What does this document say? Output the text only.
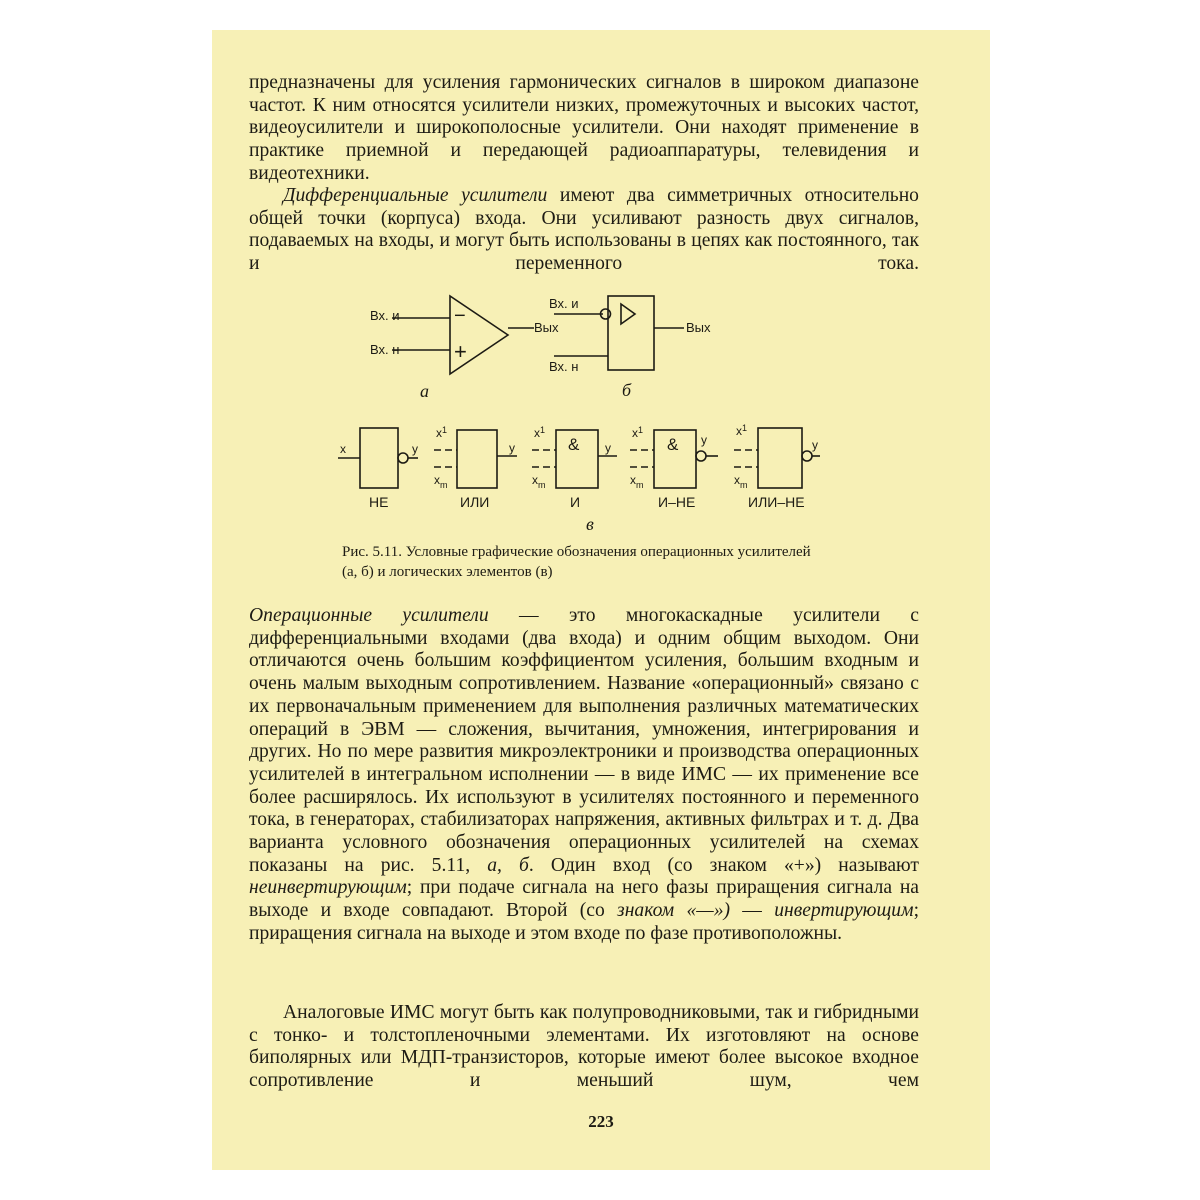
предназначены для усиления гармонических сигналов в широком диапазоне частот. К ним относятся усилители низких, промежуточных и высоких частот, видеоусилители и широкополосные усилители. Они находят применение в практике приемной и передающей радиоаппаратуры, телевидения и видеотехники.

Дифференциальные усилители имеют два симметричных относительно общей точки (корпуса) входа. Они усиливают разность двух сигналов, подаваемых на входы, и могут быть использованы в цепях как постоянного, так и переменного тока.

Вх. и
Вх. н
Вых
−
+
а
Вх. и
Вх. н
Вых
б
x	y
НЕ
$x^1$
$x_m$
y
ИЛИ
&
$x^1$
$x_m$
y
И
&
$x^1$
$x_m$
y
И–НЕ
$x^1$
$x_m$
y
ИЛИ–НЕ
в
Рис. 5.11. Условные графические обозначения операционных усилителей (а, б) и логических элементов (в)

Операционные усилители — это многокаскадные усилители с дифференциальными входами (два входа) и одним общим выходом. Они отличаются очень большим коэффициентом усиления, большим входным и очень малым выходным сопротивлением. Название «операционный» связано с их первоначальным применением для выполнения различных математических операций в ЭВМ — сложения, вычитания, умножения, интегрирования и других. Но по мере развития микроэлектроники и производства операционных усилителей в интегральном исполнении — в виде ИМС — их применение все более расширялось. Их используют в усилителях постоянного и переменного тока, в генераторах, стабилизаторах напряжения, активных фильтрах и т. д. Два варианта условного обозначения операционных усилителей на схемах показаны на рис. 5.11, а, б. Один вход (со знаком «+») называют неинвертирующим; при подаче сигнала на него фазы приращения сигнала на выходе и входе совпадают. Второй (со знаком «—») — инвертирующим; приращения сигнала на выходе и этом входе по фазе противоположны.

Аналоговые ИМС могут быть как полупроводниковыми, так и гибридными с тонко- и толстопленочными элементами. Их изготовляют на основе биполярных или МДП-транзисторов, которые имеют более высокое входное сопротивление и меньший шум, чем

223
